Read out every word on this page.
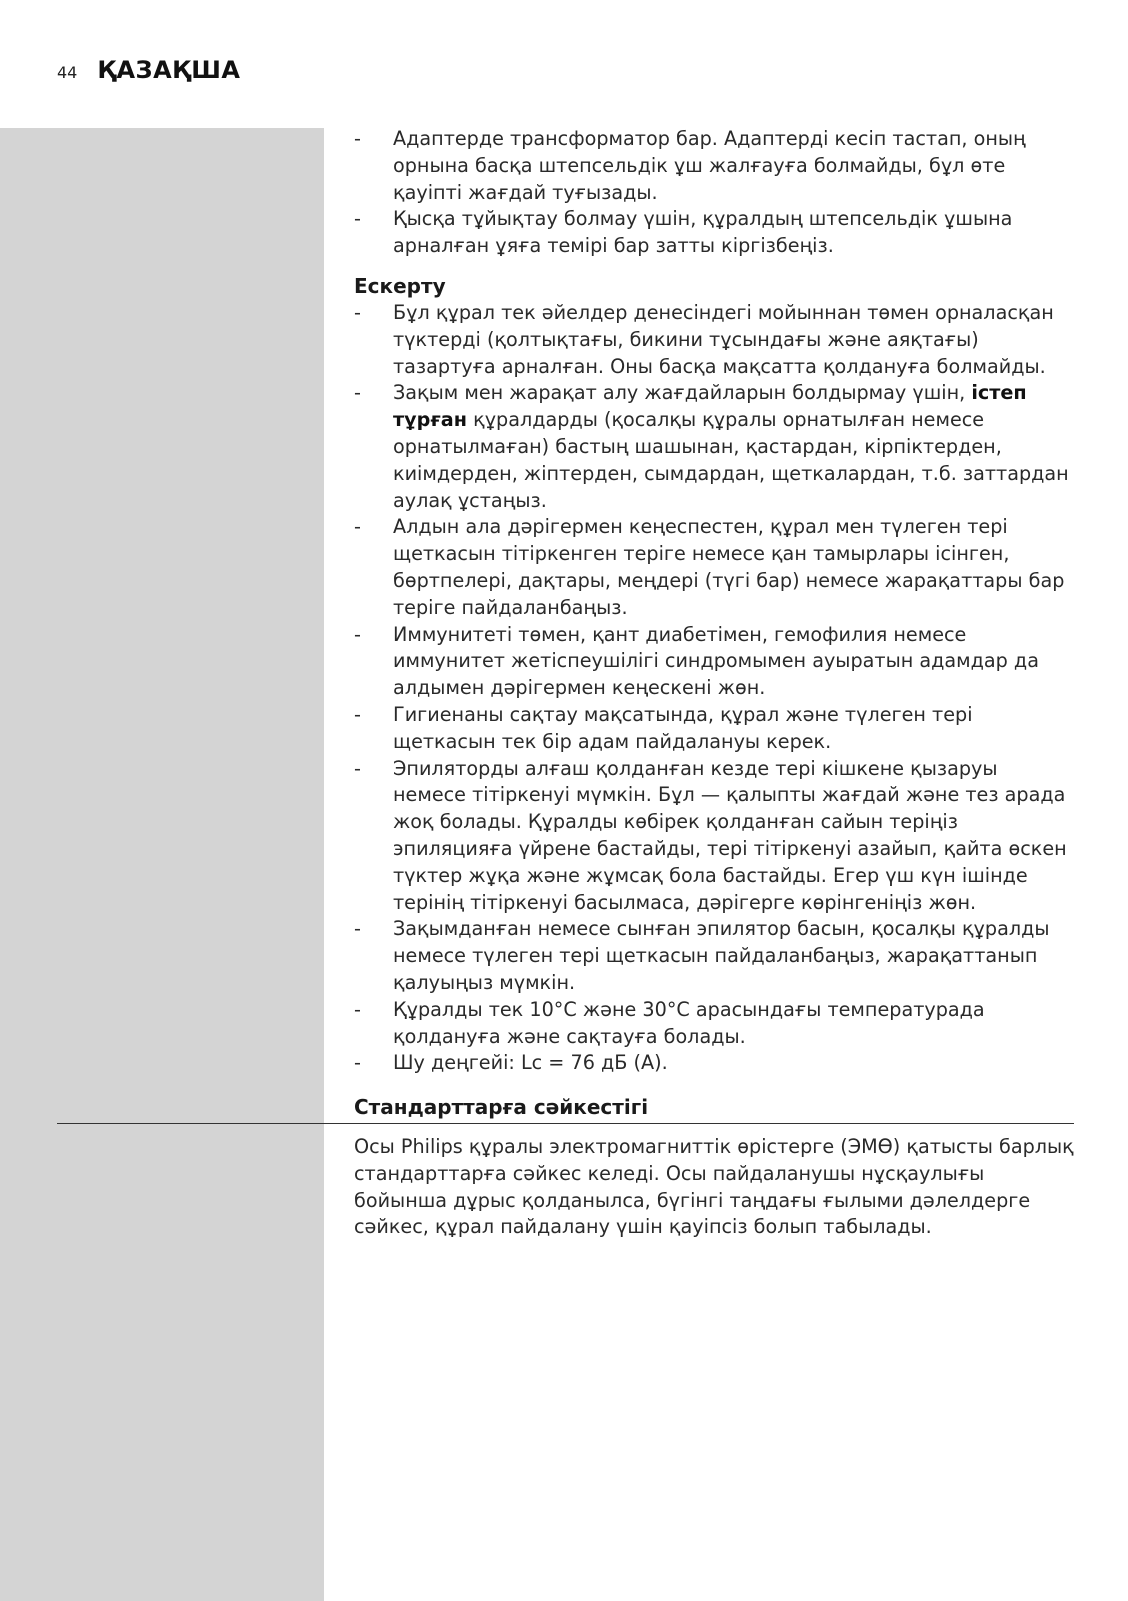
44 ҚАЗАҚША
- Адаптерде трансформатор бар. Адаптерді кесіп тастап, оның орнына басқа штепсельдік ұш жалғауға болмайды, бұл өте қауіпті жағдай туғызады.
- Қысқа тұйықтау болмау үшін, құралдың штепсельдік ұшына арналған ұяға темірі бар затты кіргізбеңіз.
Ескерту
- Бұл құрал тек әйелдер денесіндегі мойыннан төмен орналасқан түктерді (қолтықтағы, бикини тұсындағы және аяқтағы) тазартуға арналған. Оны басқа мақсатта қолдануға болмайды.
- Зақым мен жарақат алу жағдайларын болдырмау үшін, істеп тұрған құралдарды (қосалқы құралы орнатылған немесе орнатылмаған) бастың шашынан, қастардан, кірпіктерден, киімдерден, жіптерден, сымдардан, щеткалардан, т.б. заттардан аулақ ұстаңыз.
- Алдын ала дәрігермен кеңеспестен, құрал мен түлеген тері щеткасын тітіркенген теріге немесе қан тамырлары ісінген, бөртпелері, дақтары, меңдері (түгі бар) немесе жарақаттары бар теріге пайдаланбаңыз.
- Иммунитеті төмен, қант диабетімен, гемофилия немесе иммунитет жетіспеушілігі синдромымен ауыратын адамдар да алдымен дәрігермен кеңескені жөн.
- Гигиенаны сақтау мақсатында, құрал және түлеген тері щеткасын тек бір адам пайдалануы керек.
- Эпиляторды алғаш қолданған кезде тері кішкене қызаруы немесе тітіркенуі мүмкін. Бұл — қалыпты жағдай және тез арада жоқ болады. Құралды көбірек қолданған сайын теріңіз эпиляцияға үйрене бастайды, тері тітіркенуі азайып, қайта өскен түктер жұқа және жұмсақ бола бастайды. Егер үш күн ішінде терінің тітіркенуі басылмаса, дәрігерге көрінгеніңіз жөн.
- Зақымданған немесе сынған эпилятор басын, қосалқы құралды немесе түлеген тері щеткасын пайдаланбаңыз, жарақаттанып қалуыңыз мүмкін.
- Құралды тек 10°C және 30°C арасындағы температурада қолдануға және сақтауға болады.
- Шу деңгейі: Lc = 76 дБ (A).
Стандарттарға сәйкестігі

Осы Philips құралы электромагниттік өрістерге (ЭМӨ) қатысты барлық стандарттарға сәйкес келеді. Осы пайдаланушы нұсқаулығы бойынша дұрыс қолданылса, бүгінгі таңдағы ғылыми дәлелдерге сәйкес, құрал пайдалану үшін қауіпсіз болып табылады.
